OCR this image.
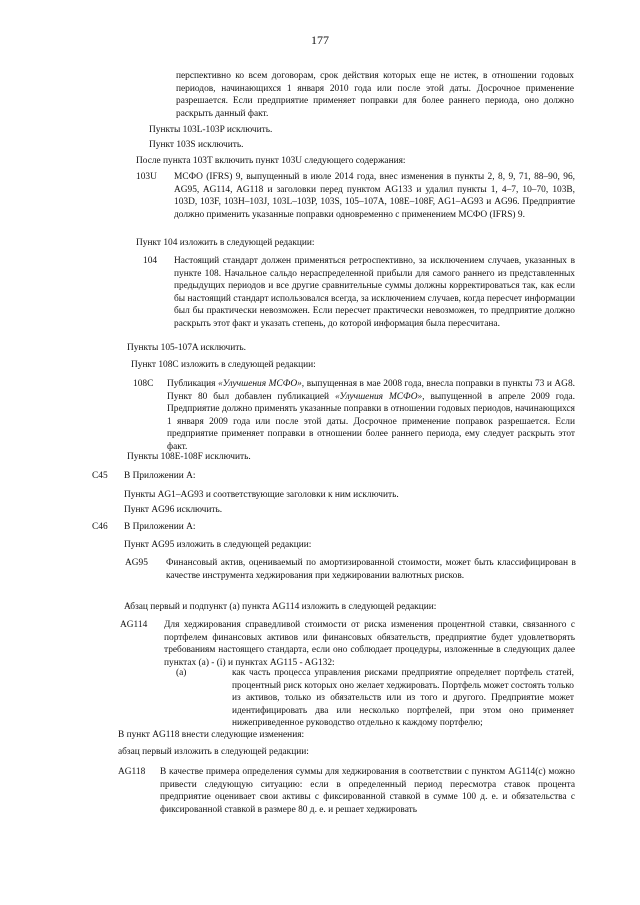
177

перспективно ко всем договорам, срок действия которых еще не истек, в отношении годовых периодов, начинающихся 1 января 2010 года или после этой даты. Досрочное применение разрешается. Если предприятие применяет поправки для более раннего периода, оно должно раскрыть данный факт.

Пункты 103L-103P исключить.

Пункт 103S исключить.

После пункта 103T включить пункт 103U следующего содержания:

103U МСФО (IFRS) 9, выпущенный в июле 2014 года, внес изменения в пункты 2, 8, 9, 71, 88–90, 96, AG95, AG114, AG118 и заголовки перед пунктом AG133 и удалил пункты 1, 4–7, 10–70, 103B, 103D, 103F, 103H–103J, 103L–103P, 103S, 105–107A, 108E–108F, AG1–AG93 и AG96. Предприятие должно применить указанные поправки одновременно с применением МСФО (IFRS) 9.

Пункт 104 изложить в следующей редакции:

104 Настоящий стандарт должен применяться ретроспективно, за исключением случаев, указанных в пункте 108. Начальное сальдо нераспределенной прибыли для самого раннего из представленных предыдущих периодов и все другие сравнительные суммы должны корректироваться так, как если бы настоящий стандарт использовался всегда, за исключением случаев, когда пересчет информации был бы практически невозможен. Если пересчет практически невозможен, то предприятие должно раскрыть этот факт и указать степень, до которой информация была пересчитана.

Пункты 105-107A исключить.

Пункт 108C изложить в следующей редакции:

108C Публикация «Улучшения МСФО», выпущенная в мае 2008 года, внесла поправки в пункты 73 и AG8. Пункт 80 был добавлен публикацией «Улучшения МСФО», выпущенной в апреле 2009 года. Предприятие должно применять указанные поправки в отношении годовых периодов, начинающихся 1 января 2009 года или после этой даты. Досрочное применение поправок разрешается. Если предприятие применяет поправки в отношении более раннего периода, ему следует раскрыть этот факт.

Пункты 108E-108F исключить.

C45 В Приложении А:

Пункты AG1–AG93 и соответствующие заголовки к ним исключить.

Пункт AG96 исключить.

C46 В Приложении А:

Пункт AG95 изложить в следующей редакции:

AG95 Финансовый актив, оцениваемый по амортизированной стоимости, может быть классифицирован в качестве инструмента хеджирования при хеджировании валютных рисков.

Абзац первый и подпункт (a) пункта AG114 изложить в следующей редакции:

AG114 Для хеджирования справедливой стоимости от риска изменения процентной ставки, связанного с портфелем финансовых активов или финансовых обязательств, предприятие будет удовлетворять требованиям настоящего стандарта, если оно соблюдает процедуры, изложенные в следующих далее пунктах (a) - (i) и пунктах AG115 - AG132:

(a)	как часть процесса управления рисками предприятие определяет портфель статей, процентный риск которых оно желает хеджировать. Портфель может состоять только из активов, только из обязательств или из того и другого. Предприятие может идентифицировать два или несколько портфелей, при этом оно применяет нижеприведенное руководство отдельно к каждому портфелю;

В пункт AG118 внести следующие изменения:

абзац первый изложить в следующей редакции:

AG118 В качестве примера определения суммы для хеджирования в соответствии с пунктом AG114(c) можно привести следующую ситуацию: если в определенный период пересмотра ставок процента предприятие оценивает свои активы с фиксированной ставкой в сумме 100 д. е. и обязательства с фиксированной ставкой в размере 80 д. е. и решает хеджировать
